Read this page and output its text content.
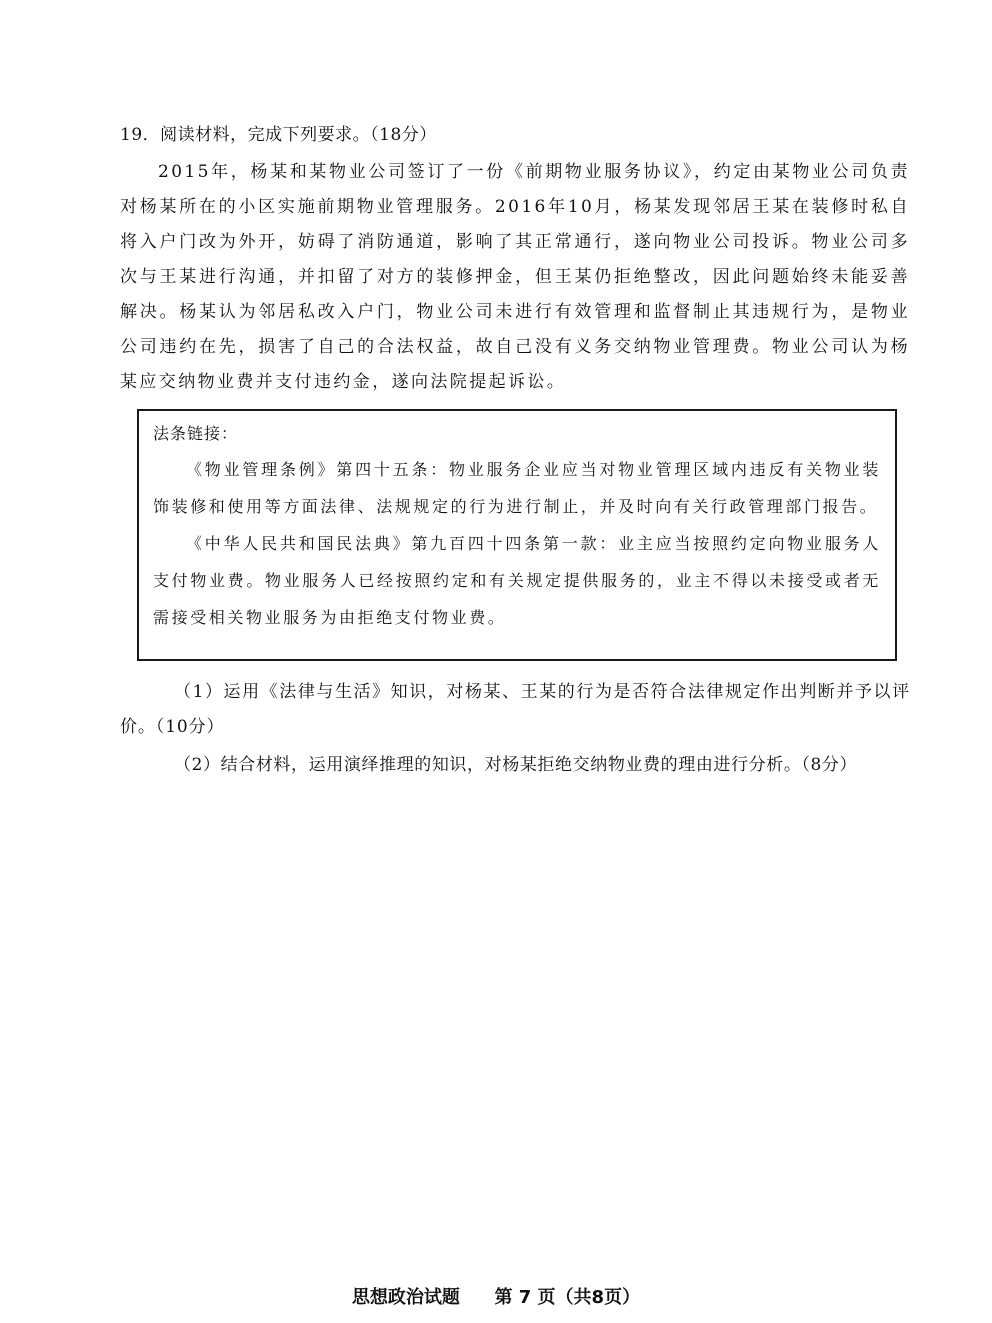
19．阅读材料，完成下列要求。（18分）

2015年，杨某和某物业公司签订了一份《前期物业服务协议》，约定由某物业公司负责对杨某所在的小区实施前期物业管理服务。2016年10月，杨某发现邻居王某在装修时私自将入户门改为外开，妨碍了消防通道，影响了其正常通行，遂向物业公司投诉。物业公司多次与王某进行沟通，并扣留了对方的装修押金，但王某仍拒绝整改，因此问题始终未能妥善解决。杨某认为邻居私改入户门，物业公司未进行有效管理和监督制止其违规行为，是物业公司违约在先，损害了自己的合法权益，故自己没有义务交纳物业管理费。物业公司认为杨某应交纳物业费并支付违约金，遂向法院提起诉讼。

法条链接：

《物业管理条例》第四十五条：物业服务企业应当对物业管理区域内违反有关物业装饰装修和使用等方面法律、法规规定的行为进行制止，并及时向有关行政管理部门报告。

《中华人民共和国民法典》第九百四十四条第一款：业主应当按照约定向物业服务人支付物业费。物业服务人已经按照约定和有关规定提供服务的，业主不得以未接受或者无需接受相关物业服务为由拒绝支付物业费。

（1）运用《法律与生活》知识，对杨某、王某的行为是否符合法律规定作出判断并予以评价。（10分）

（2）结合材料，运用演绎推理的知识，对杨某拒绝交纳物业费的理由进行分析。（8分）

思想政治试题 第 7 页（共8页）
